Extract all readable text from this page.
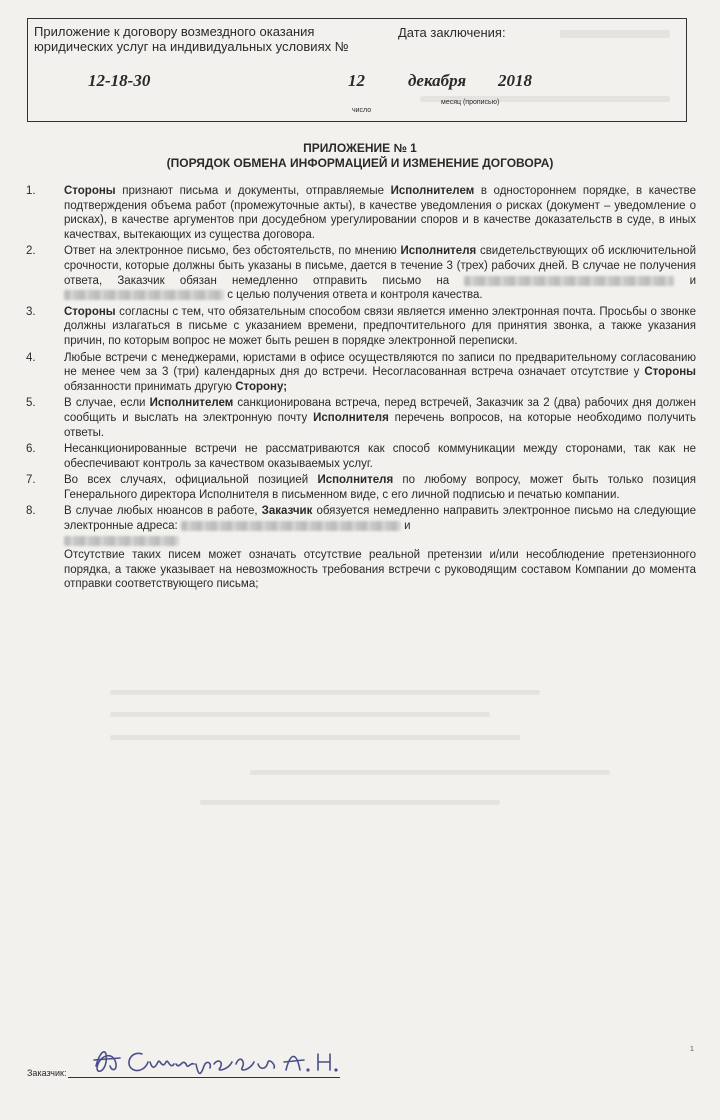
Приложение к договору возмездного оказания юридических услуг на индивидуальных условиях №
Дата заключения:
12-18-30	12	декабря 2018
число
месяц (прописью)
ПРИЛОЖЕНИЕ № 1
(ПОРЯДОК ОБМЕНА ИНФОРМАЦИЕЙ И ИЗМЕНЕНИЕ ДОГОВОРА)
1. Стороны признают письма и документы, отправляемые Исполнителем в одностороннем порядке, в качестве подтверждения объема работ (промежуточные акты), в качестве уведомления о рисках (документ – уведомление о рисках), в качестве аргументов при досудебном урегулировании споров и в качестве доказательств в суде, в иных качествах, вытекающих из существа договора.
2. Ответ на электронное письмо, без обстоятельств, по мнению Исполнителя свидетельствующих об исключительной срочности, которые должны быть указаны в письме, дается в течение 3 (трех) рабочих дней. В случае не получения ответа, Заказчик обязан немедленно отправить письмо на	и  с целью получения ответа и контроля качества.
3. Стороны согласны с тем, что обязательным способом связи является именно электронная почта. Просьбы о звонке должны излагаться в письме с указанием времени, предпочтительного для принятия звонка, а также указания причин, по которым вопрос не может быть решен в порядке электронной переписки.
4. Любые встречи с менеджерами, юристами в офисе осуществляются по записи по предварительному согласованию не менее чем за 3 (три) календарных дня до встречи. Несогласованная встреча означает отсутствие у Стороны обязанности принимать другую Сторону;
5. В случае, если Исполнителем санкционирована встреча, перед встречей, Заказчик за 2 (два) рабочих дня должен сообщить и выслать на электронную почту Исполнителя перечень вопросов, на которые необходимо получить ответы.
6. Несанкционированные встречи не рассматриваются как способ коммуникации между сторонами, так как не обеспечивают контроль за качеством оказываемых услуг.
7. Во всех случаях, официальной позицией Исполнителя по любому вопросу, может быть только позиция Генерального директора Исполнителя в письменном виде, с его личной подписью и печатью компании.
8. В случае любых нюансов в работе, Заказчик обязуется немедленно направить электронное письмо на следующие электронные адреса:	и

Отсутствие таких писем может означать отсутствие реальной претензии и/или несоблюдение претензионного порядка, а также указывает на невозможность требования встречи с руководящим составом Компании до момента отправки соответствующего письма;
Заказчик:
1
